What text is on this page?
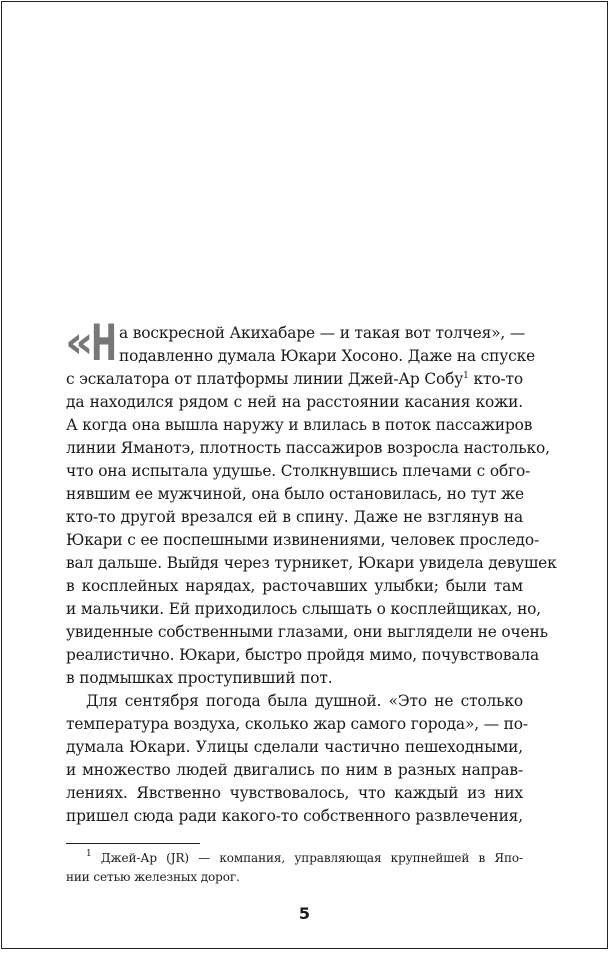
«
Н а воскресной Акихабаре — и такая вот толчея», —
подавленно думала Юкари Хосоно. Даже на спуске
с эскалатора от платформы линии Джей-Ар Собу$^1$ кто-то
да находился рядом с ней на расстоянии касания кожи.
А когда она вышла наружу и влилась в поток пассажиров
линии Яманотэ, плотность пассажиров возросла настолько,
что она испытала удушье. Столкнувшись плечами с обго-
нявшим ее мужчиной, она было остановилась, но тут же
кто-то другой врезался ей в спину. Даже не взглянув на
Юкари с ее поспешными извинениями, человек проследо-
вал дальше. Выйдя через турникет, Юкари увидела девушек
в косплейных нарядах, расточавших улыбки; были там
и мальчики. Ей приходилось слышать о косплейщиках, но,
увиденные собственными глазами, они выглядели не очень
реалистично. Юкари, быстро пройдя мимо, почувствовала
в подмышках проступивший пот.
Для сентября погода была душной. «Это не столько
температура воздуха, сколько жар самого города», — по-
думала Юкари. Улицы сделали частично пешеходными,
и множество людей двигались по ним в разных направ-
лениях. Явственно чувствовалось, что каждый из них
пришел сюда ради какого-то собственного развлечения,
$^1$ Джей-Ар (JR) — компания, управляющая крупнейшей в Япо-
нии сетью железных дорог.
5
